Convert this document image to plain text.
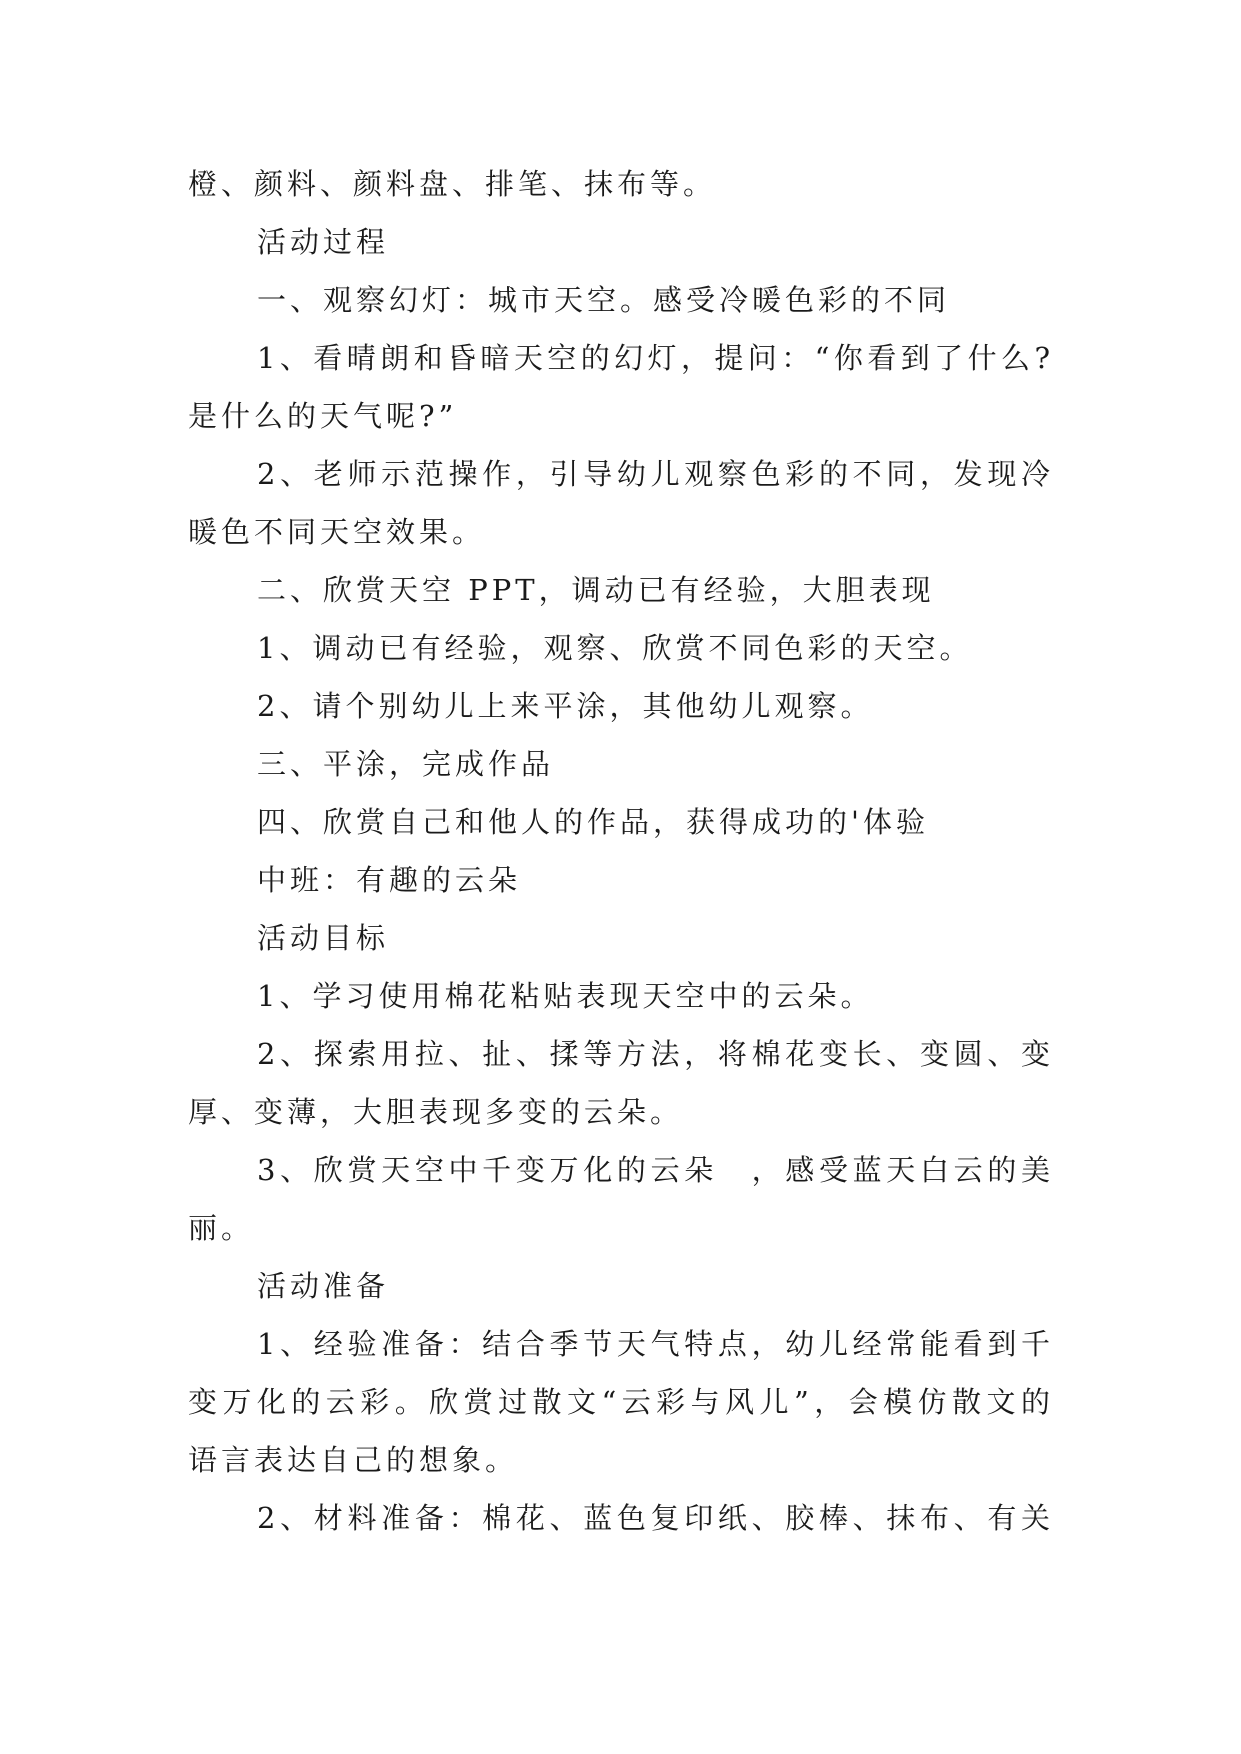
橙、颜料、颜料盘、排笔、抹布等。

活动过程

一、观察幻灯：城市天空。感受冷暖色彩的不同

1、看晴朗和昏暗天空的幻灯，提问：“你看到了什么?

是什么的天气呢?”

2、老师示范操作，引导幼儿观察色彩的不同，发现冷

暖色不同天空效果。

二、欣赏天空 PPT，调动已有经验，大胆表现

1、调动已有经验，观察、欣赏不同色彩的天空。

2、请个别幼儿上来平涂，其他幼儿观察。

三、平涂，完成作品

四、欣赏自己和他人的作品，获得成功的'体验

中班：有趣的云朵

活动目标

1、学习使用棉花粘贴表现天空中的云朵。

2、探索用拉、扯、揉等方法，将棉花变长、变圆、变

厚、变薄，大胆表现多变的云朵。

3、欣赏天空中千变万化的云朵　，感受蓝天白云的美

丽。

活动准备

1、经验准备：结合季节天气特点，幼儿经常能看到千

变万化的云彩。欣赏过散文“云彩与风儿”，会模仿散文的

语言表达自己的想象。

2、材料准备：棉花、蓝色复印纸、胶棒、抹布、有关
